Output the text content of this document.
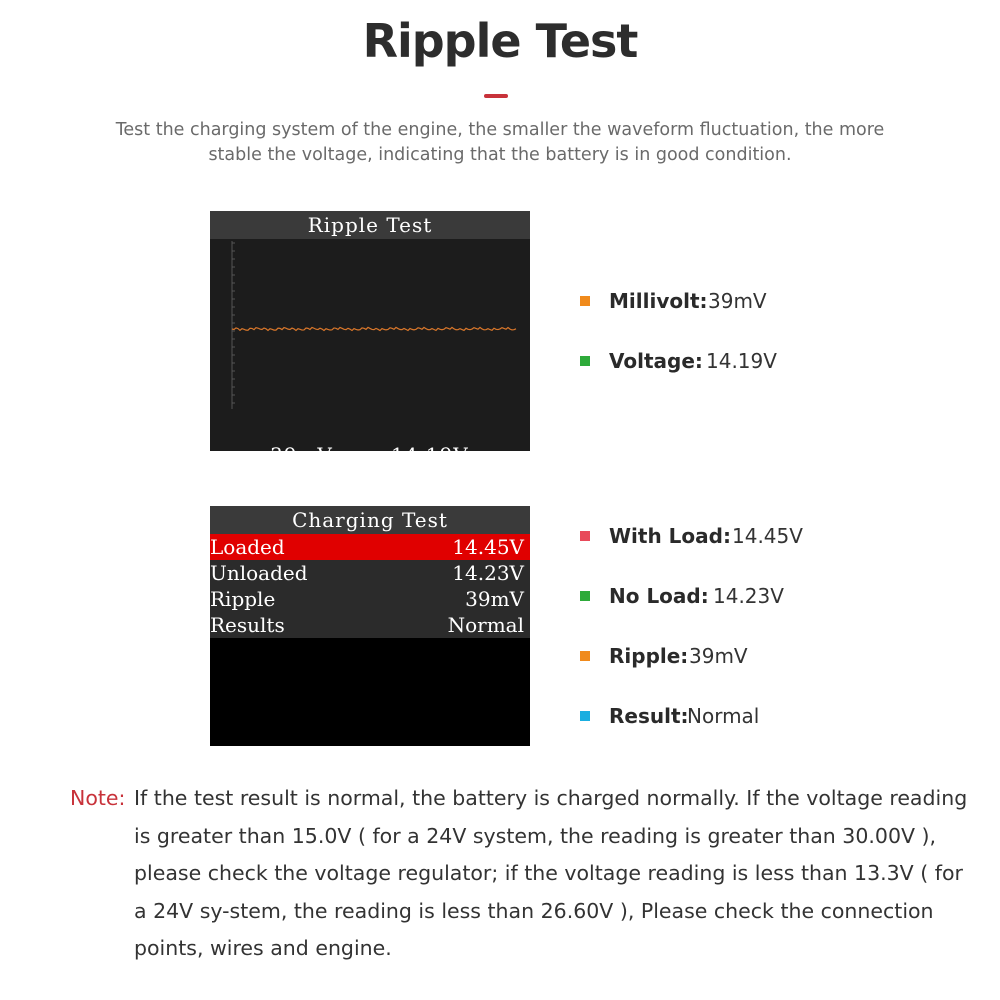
Ripple Test
Test the charging system of the engine, the smaller the waveform fluctuation, the more stable the voltage, indicating that the battery is in good condition.
Ripple Test
39mV	14.19V
Millivolt: 39mV
Voltage: 14.19V
Charging Test
Loaded	14.45V
Unloaded	14.23V
Ripple	39mV
Results	Normal
With Load: 14.45V
No Load: 14.23V
Ripple: 39mV
Result:
Normal
Note: If the test result is normal, the battery is charged normally. If the voltage reading is greater than 15.0V ( for a 24V system, the reading is greater than 30.00V ), please check the voltage regulator; if the voltage reading is less than 13.3V ( for a 24V sy-stem, the reading is less than 26.60V ), Please check the connection points, wires and engine.
